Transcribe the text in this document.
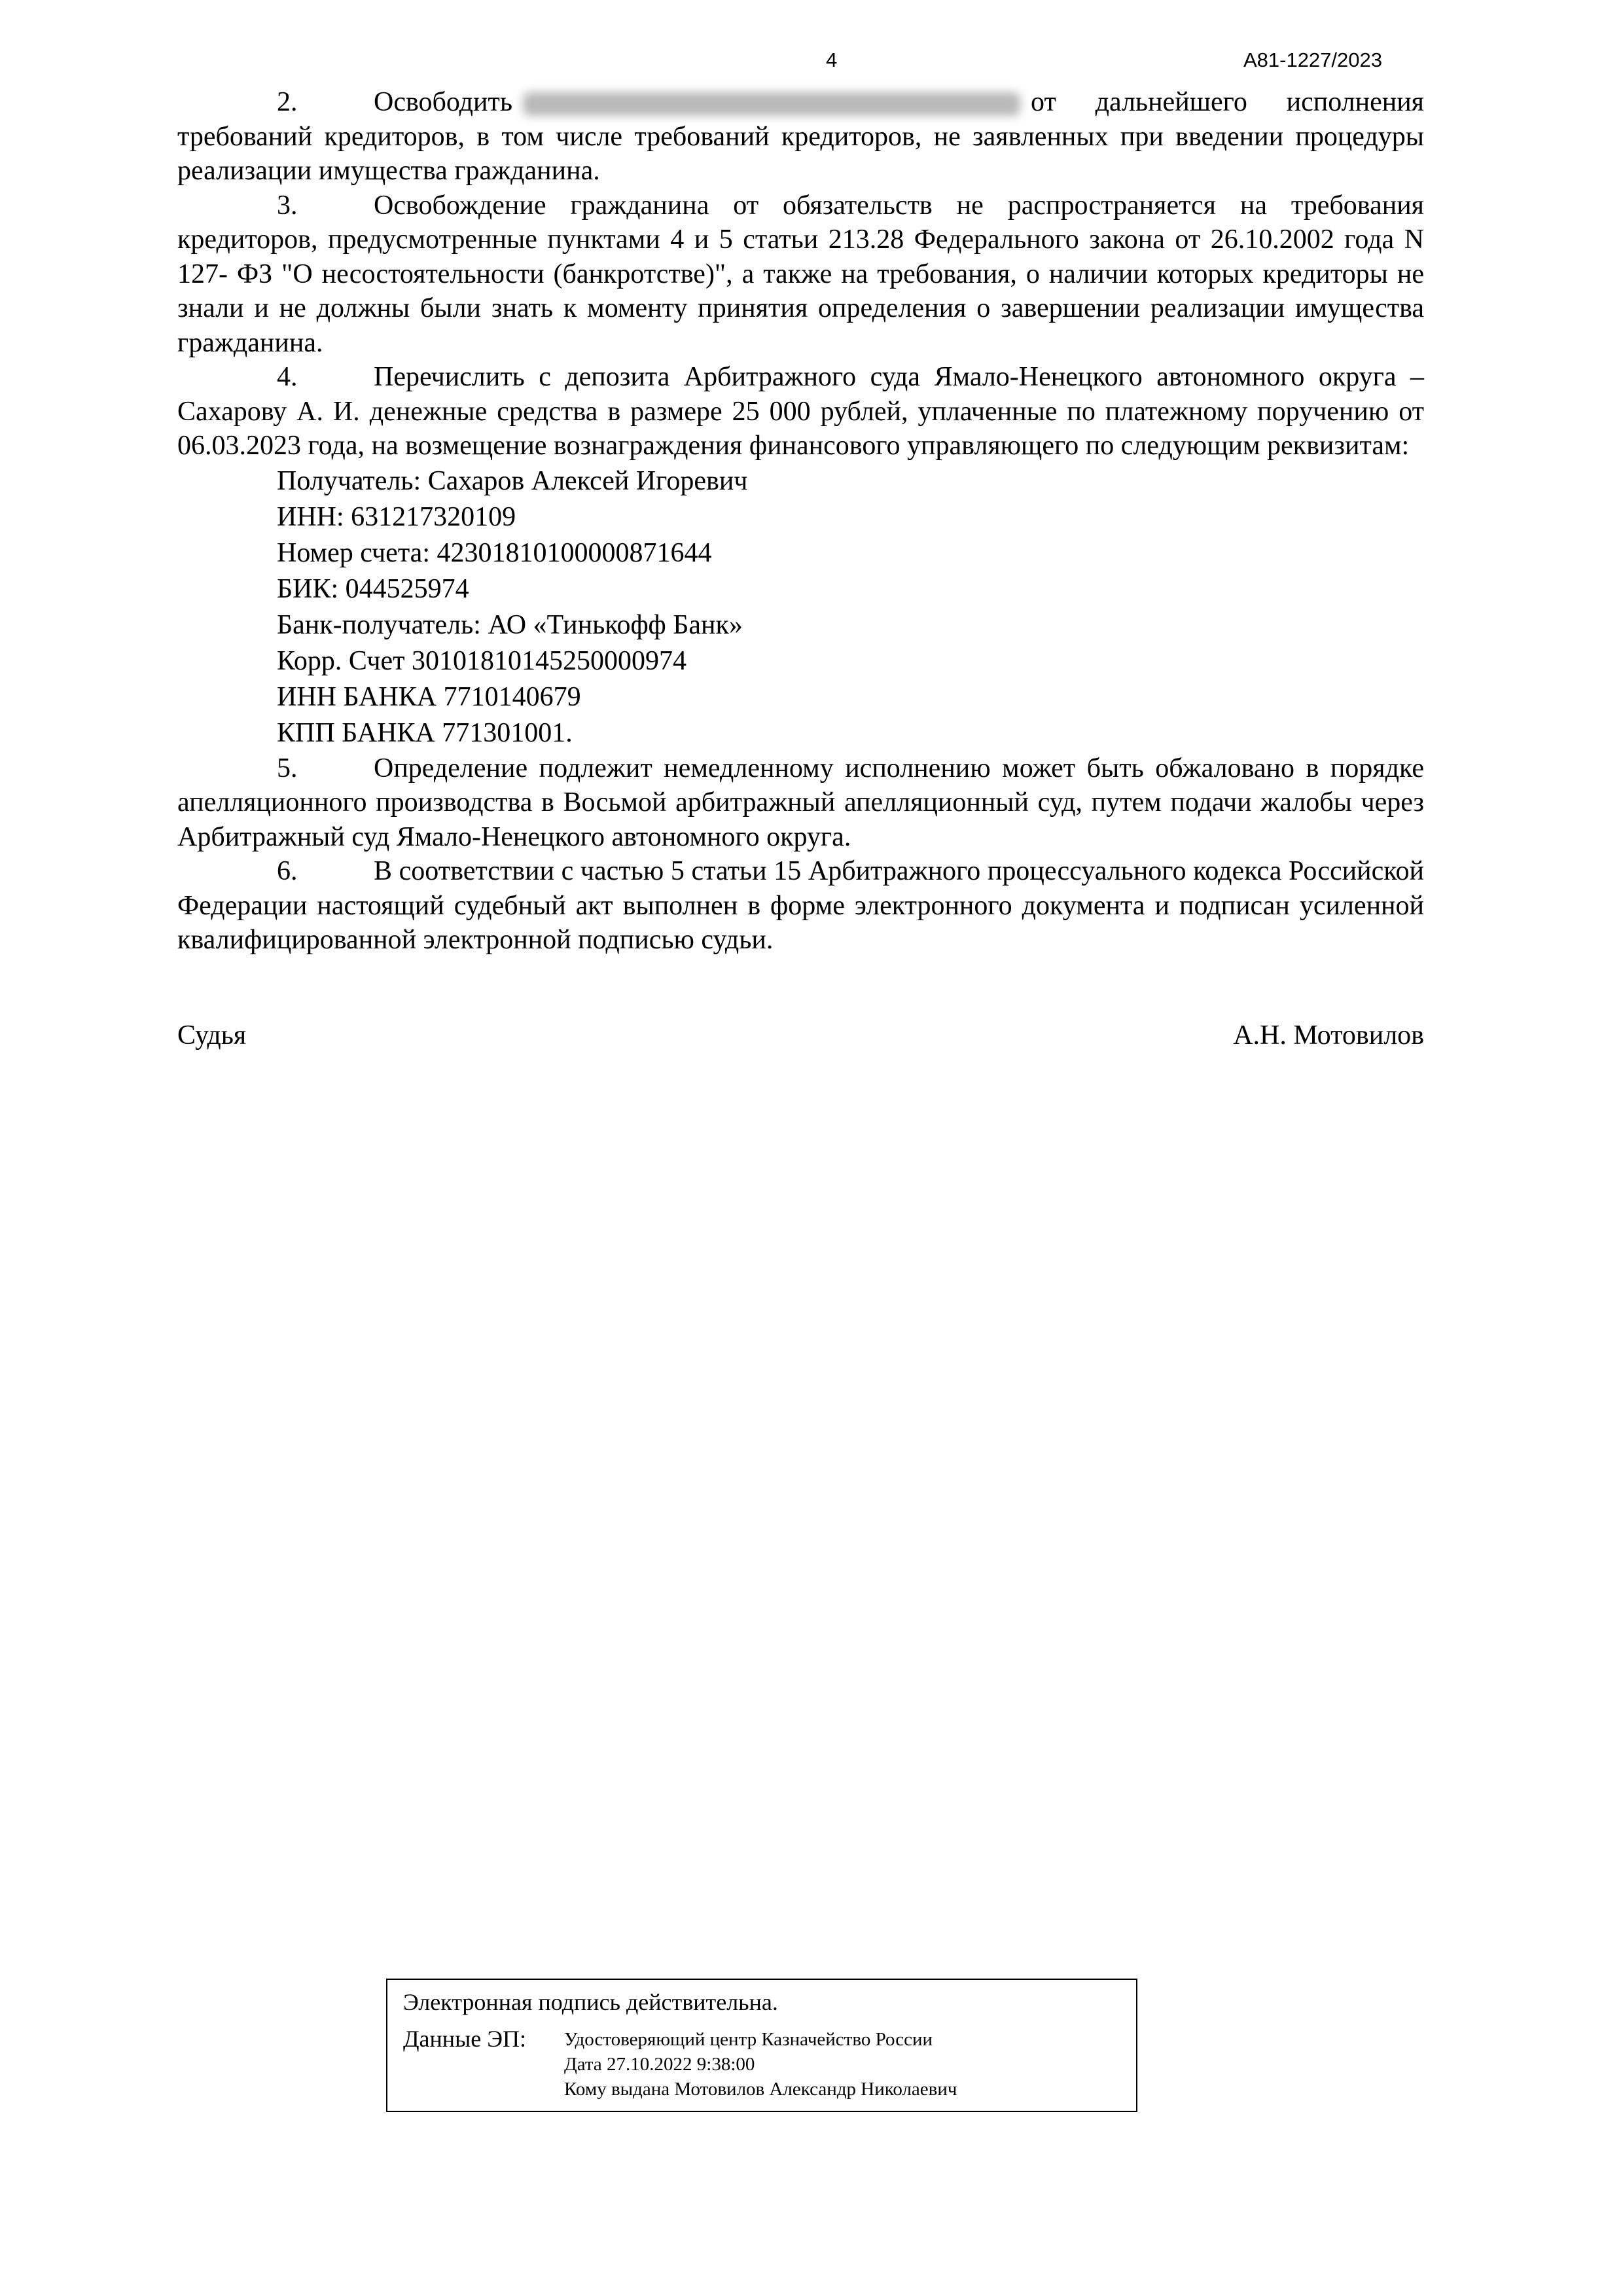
4	А81-1227/2023

2.	Освободить	от дальнейшего исполнения требований кредиторов, в том числе требований кредиторов, не заявленных при введении процедуры реализации имущества гражданина.

3.	Освобождение гражданина от обязательств не распространяется на требования кредиторов, предусмотренные пунктами 4 и 5 статьи 213.28 Федерального закона от 26.10.2002 года N 127- ФЗ "О несостоятельности (банкротстве)", а также на требования, о наличии которых кредиторы не знали и не должны были знать к моменту принятия определения о завершении реализации имущества гражданина.

4.	Перечислить с депозита Арбитражного суда Ямало-Ненецкого автономного округа – Сахарову А. И. денежные средства в размере 25 000 рублей, уплаченные по платежному поручению от 06.03.2023 года, на возмещение вознаграждения финансового управляющего по следующим реквизитам:

Получатель: Сахаров Алексей Игоревич

ИНН: 631217320109

Номер счета: 42301810100000871644

БИК: 044525974

Банк-получатель: АО «Тинькофф Банк»

Корр. Счет 30101810145250000974

ИНН БАНКА 7710140679

КПП БАНКА 771301001.

5.	Определение подлежит немедленному исполнению может быть обжаловано в порядке апелляционного производства в Восьмой арбитражный апелляционный суд, путем подачи жалобы через Арбитражный суд Ямало-Ненецкого автономного округа.

6.	В соответствии с частью 5 статьи 15 Арбитражного процессуального кодекса Российской Федерации настоящий судебный акт выполнен в форме электронного документа и подписан усиленной квалифицированной электронной подписью судьи.

Судья	А.Н. Мотовилов
Электронная подпись действительна.
Данные ЭП: Удостоверяющий центр Казначейство России
Дата 27.10.2022 9:38:00
Кому выдана Мотовилов Александр Николаевич
